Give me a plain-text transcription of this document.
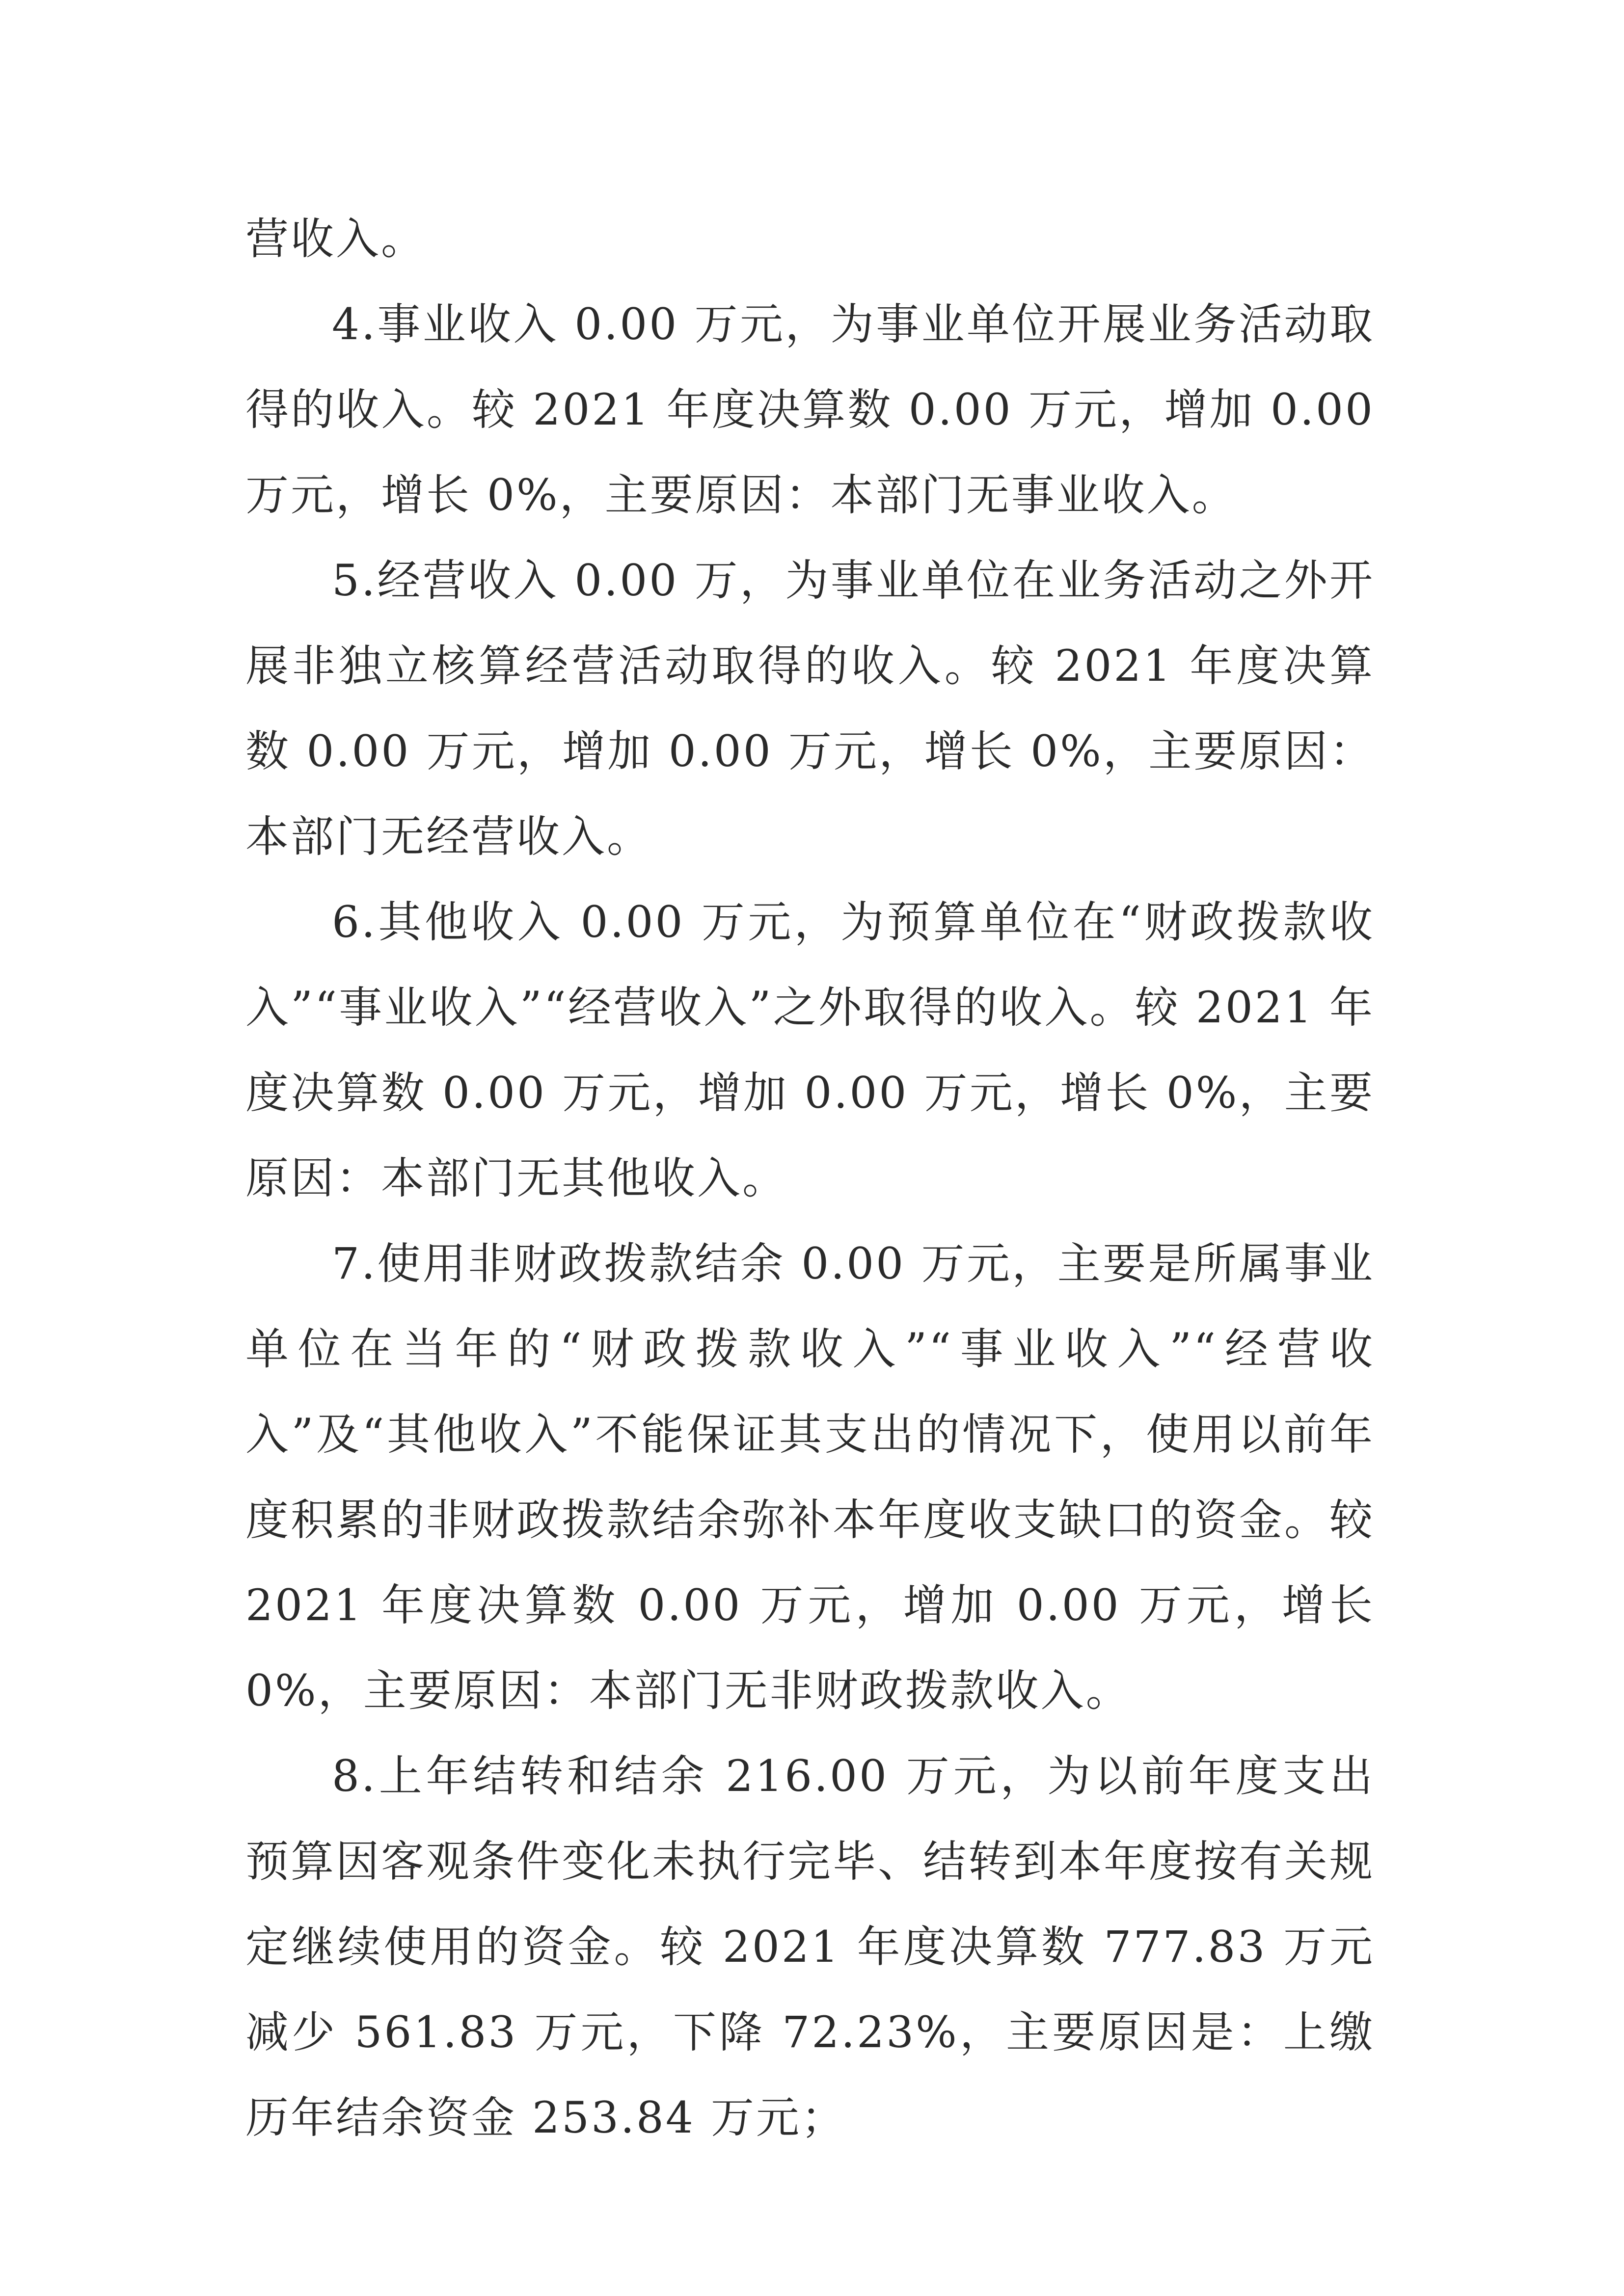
营收入。

4.事业收入 0.00 万元，为事业单位开展业务活动取得的收入。较 2021 年度决算数 0.00 万元，增加 0.00 万元，增长 0%，主要原因：本部门无事业收入。

5.经营收入 0.00 万，为事业单位在业务活动之外开展非独立核算经营活动取得的收入。较 2021 年度决算数 0.00 万元，增加 0.00 万元，增长 0%，主要原因：本部门无经营收入。

6.其他收入 0.00 万元，为预算单位在“财政拨款收入”“事业收入”“经营收入”之外取得的收入。较 2021 年度决算数 0.00 万元，增加 0.00 万元，增长 0%，主要原因：本部门无其他收入。

7.使用非财政拨款结余 0.00 万元，主要是所属事业单位在当年的“财政拨款收入”“事业收入”“经营收入”及“其他收入”不能保证其支出的情况下，使用以前年度积累的非财政拨款结余弥补本年度收支缺口的资金。较 2021 年度决算数 0.00 万元，增加 0.00 万元，增长 0%，主要原因：本部门无非财政拨款收入。

8.上年结转和结余 216.00 万元，为以前年度支出预算因客观条件变化未执行完毕、结转到本年度按有关规定继续使用的资金。较 2021 年度决算数 777.83 万元减少 561.83 万元，下降 72.23%，主要原因是：上缴历年结余资金 253.84 万元；
